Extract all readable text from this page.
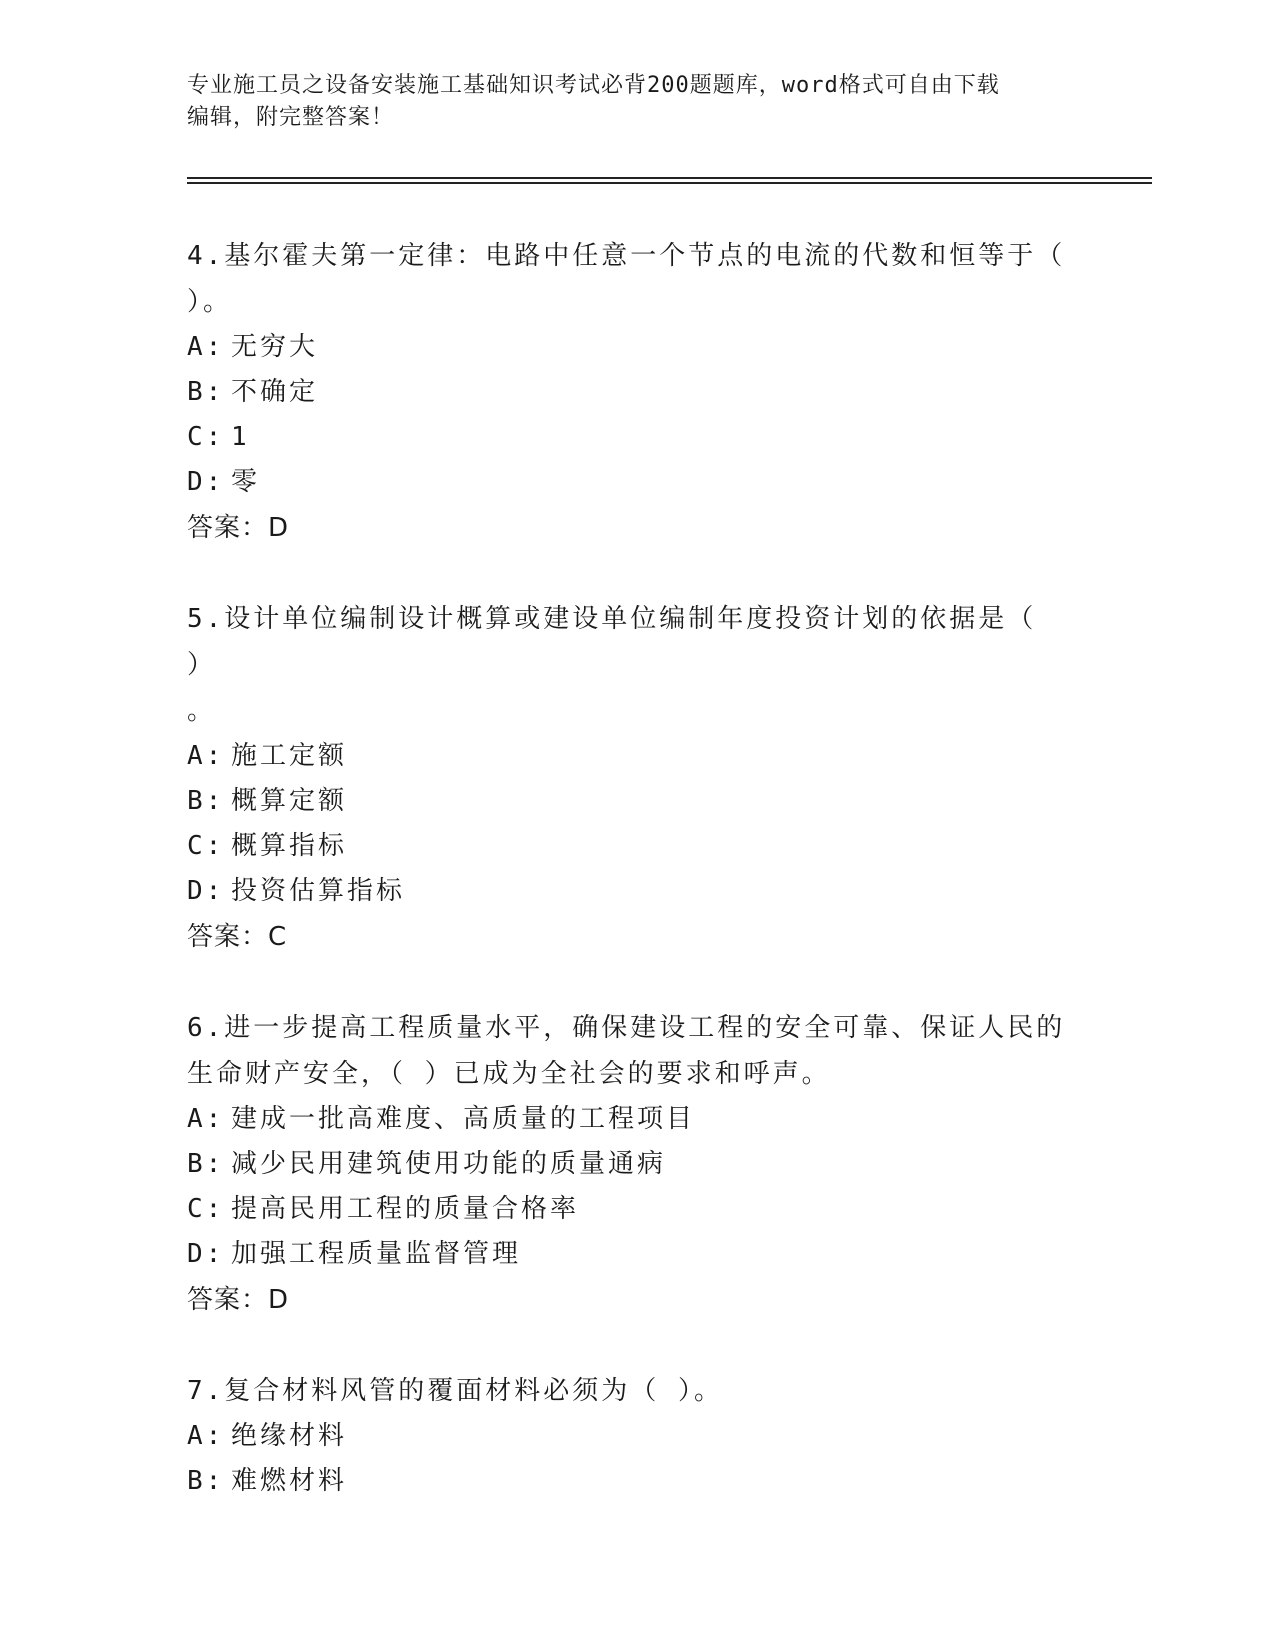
专业施工员之设备安装施工基础知识考试必背200题题库，word格式可自由下载
编辑，附完整答案！

4.基尔霍夫第一定律：电路中任意一个节点的电流的代数和恒等于（
）。

A: 无穷大

B: 不确定

C: 1

D: 零

答案：D

5.设计单位编制设计概算或建设单位编制年度投资计划的依据是（ ）
。

A: 施工定额

B: 概算定额

C: 概算指标

D: 投资估算指标

答案：C

6.进一步提高工程质量水平，确保建设工程的安全可靠、保证人民的
生命财产安全，（ ）已成为全社会的要求和呼声。

A: 建成一批高难度、高质量的工程项目

B: 减少民用建筑使用功能的质量通病

C: 提高民用工程的质量合格率

D: 加强工程质量监督管理

答案：D

7.复合材料风管的覆面材料必须为（ ）。

A: 绝缘材料

B: 难燃材料
